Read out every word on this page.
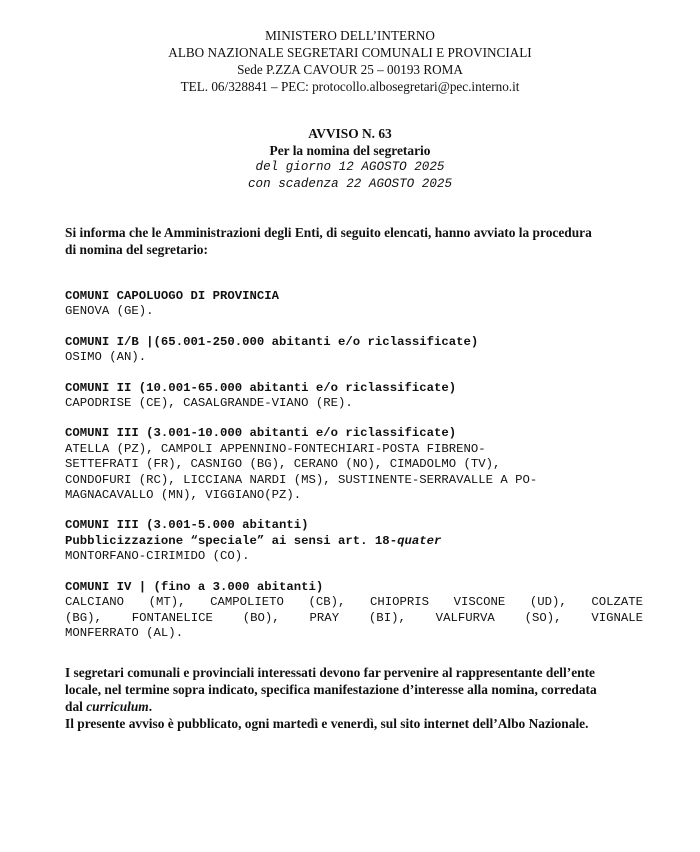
MINISTERO DELL’INTERNO
ALBO NAZIONALE SEGRETARI COMUNALI E PROVINCIALI
Sede P.ZZA CAVOUR 25 – 00193 ROMA
TEL. 06/328841 – PEC: protocollo.albosegretari@pec.interno.it
AVVISO N. 63
Per la nomina del segretario
del giorno 12 AGOSTO 2025
con scadenza 22 AGOSTO 2025
Si informa che le Amministrazioni degli Enti, di seguito elencati, hanno avviato la procedura
di nomina del segretario:
COMUNI CAPOLUOGO DI PROVINCIA
GENOVA (GE).
COMUNI I/B |(65.001-250.000 abitanti e/o riclassificate)
OSIMO (AN).
COMUNI II (10.001-65.000 abitanti e/o riclassificate)
CAPODRISE (CE), CASALGRANDE-VIANO (RE).
COMUNI III (3.001-10.000 abitanti e/o riclassificate)
ATELLA (PZ), CAMPOLI APPENNINO-FONTECHIARI-POSTA FIBRENO-
SETTEFRATI (FR), CASNIGO (BG), CERANO (NO), CIMADOLMO (TV),
CONDOFURI (RC), LICCIANA NARDI (MS), SUSTINENTE-SERRAVALLE A PO-
MAGNACAVALLO (MN), VIGGIANO(PZ).
COMUNI III (3.001-5.000 abitanti)
Pubblicizzazione “speciale” ai sensi art. 18-quater
MONTORFANO-CIRIMIDO (CO).
COMUNI IV | (fino a 3.000 abitanti)
CALCIANO (MT), CAMPOLIETO (CB), CHIOPRIS VISCONE (UD), COLZATE
(BG), FONTANELICE (BO), PRAY (BI), VALFURVA (SO), VIGNALE
MONFERRATO (AL).
I segretari comunali e provinciali interessati devono far pervenire al rappresentante dell’ente
locale, nel termine sopra indicato, specifica manifestazione d’interesse alla nomina, corredata
dal curriculum.
Il presente avviso è pubblicato, ogni martedì e venerdì, sul sito internet dell’Albo Nazionale.
